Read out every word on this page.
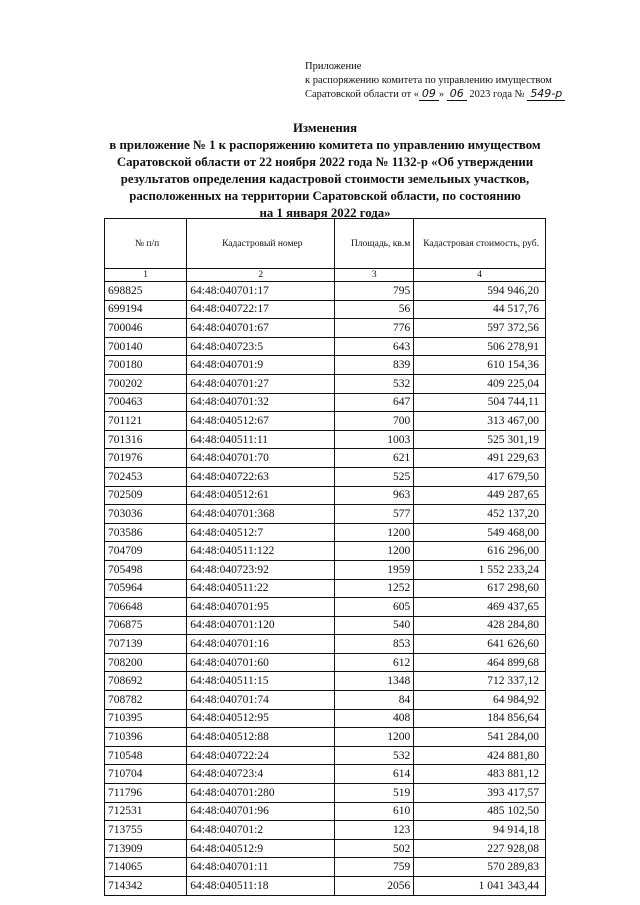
Приложение
к распоряжению комитета по управлению имуществом
Саратовской области от « 09 » 06 2023 года № 549-р
Изменения
в приложение № 1 к распоряжению комитета по управлению имуществом
Саратовской области от 22 ноября 2022 года № 1132-р «Об утверждении
результатов определения кадастровой стоимости земельных участков,
расположенных на территории Саратовской области, по состоянию
на 1 января 2022 года»
№ п/п	Кадастровый номер	Площадь, кв.м	Кадастровая стоимость, руб.
1	2	3	4
698825	64:48:040701:17	795	594 946,20
699194	64:48:040722:17	56	44 517,76
700046	64:48:040701:67	776	597 372,56
700140	64:48:040723:5	643	506 278,91
700180	64:48:040701:9	839	610 154,36
700202	64:48:040701:27	532	409 225,04
700463	64:48:040701:32	647	504 744,11
701121	64:48:040512:67	700	313 467,00
701316	64:48:040511:11	1003	525 301,19
701976	64:48:040701:70	621	491 229,63
702453	64:48:040722:63	525	417 679,50
702509	64:48:040512:61	963	449 287,65
703036	64:48:040701:368	577	452 137,20
703586	64:48:040512:7	1200	549 468,00
704709	64:48:040511:122	1200	616 296,00
705498	64:48:040723:92	1959	1 552 233,24
705964	64:48:040511:22	1252	617 298,60
706648	64:48:040701:95	605	469 437,65
706875	64:48:040701:120	540	428 284,80
707139	64:48:040701:16	853	641 626,60
708200	64:48:040701:60	612	464 899,68
708692	64:48:040511:15	1348	712 337,12
708782	64:48:040701:74	84	64 984,92
710395	64:48:040512:95	408	184 856,64
710396	64:48:040512:88	1200	541 284,00
710548	64:48:040722:24	532	424 881,80
710704	64:48:040723:4	614	483 881,12
711796	64:48:040701:280	519	393 417,57
712531	64:48:040701:96	610	485 102,50
713755	64:48:040701:2	123	94 914,18
713909	64:48:040512:9	502	227 928,08
714065	64:48:040701:11	759	570 289,83
714342	64:48:040511:18	2056	1 041 343,44
